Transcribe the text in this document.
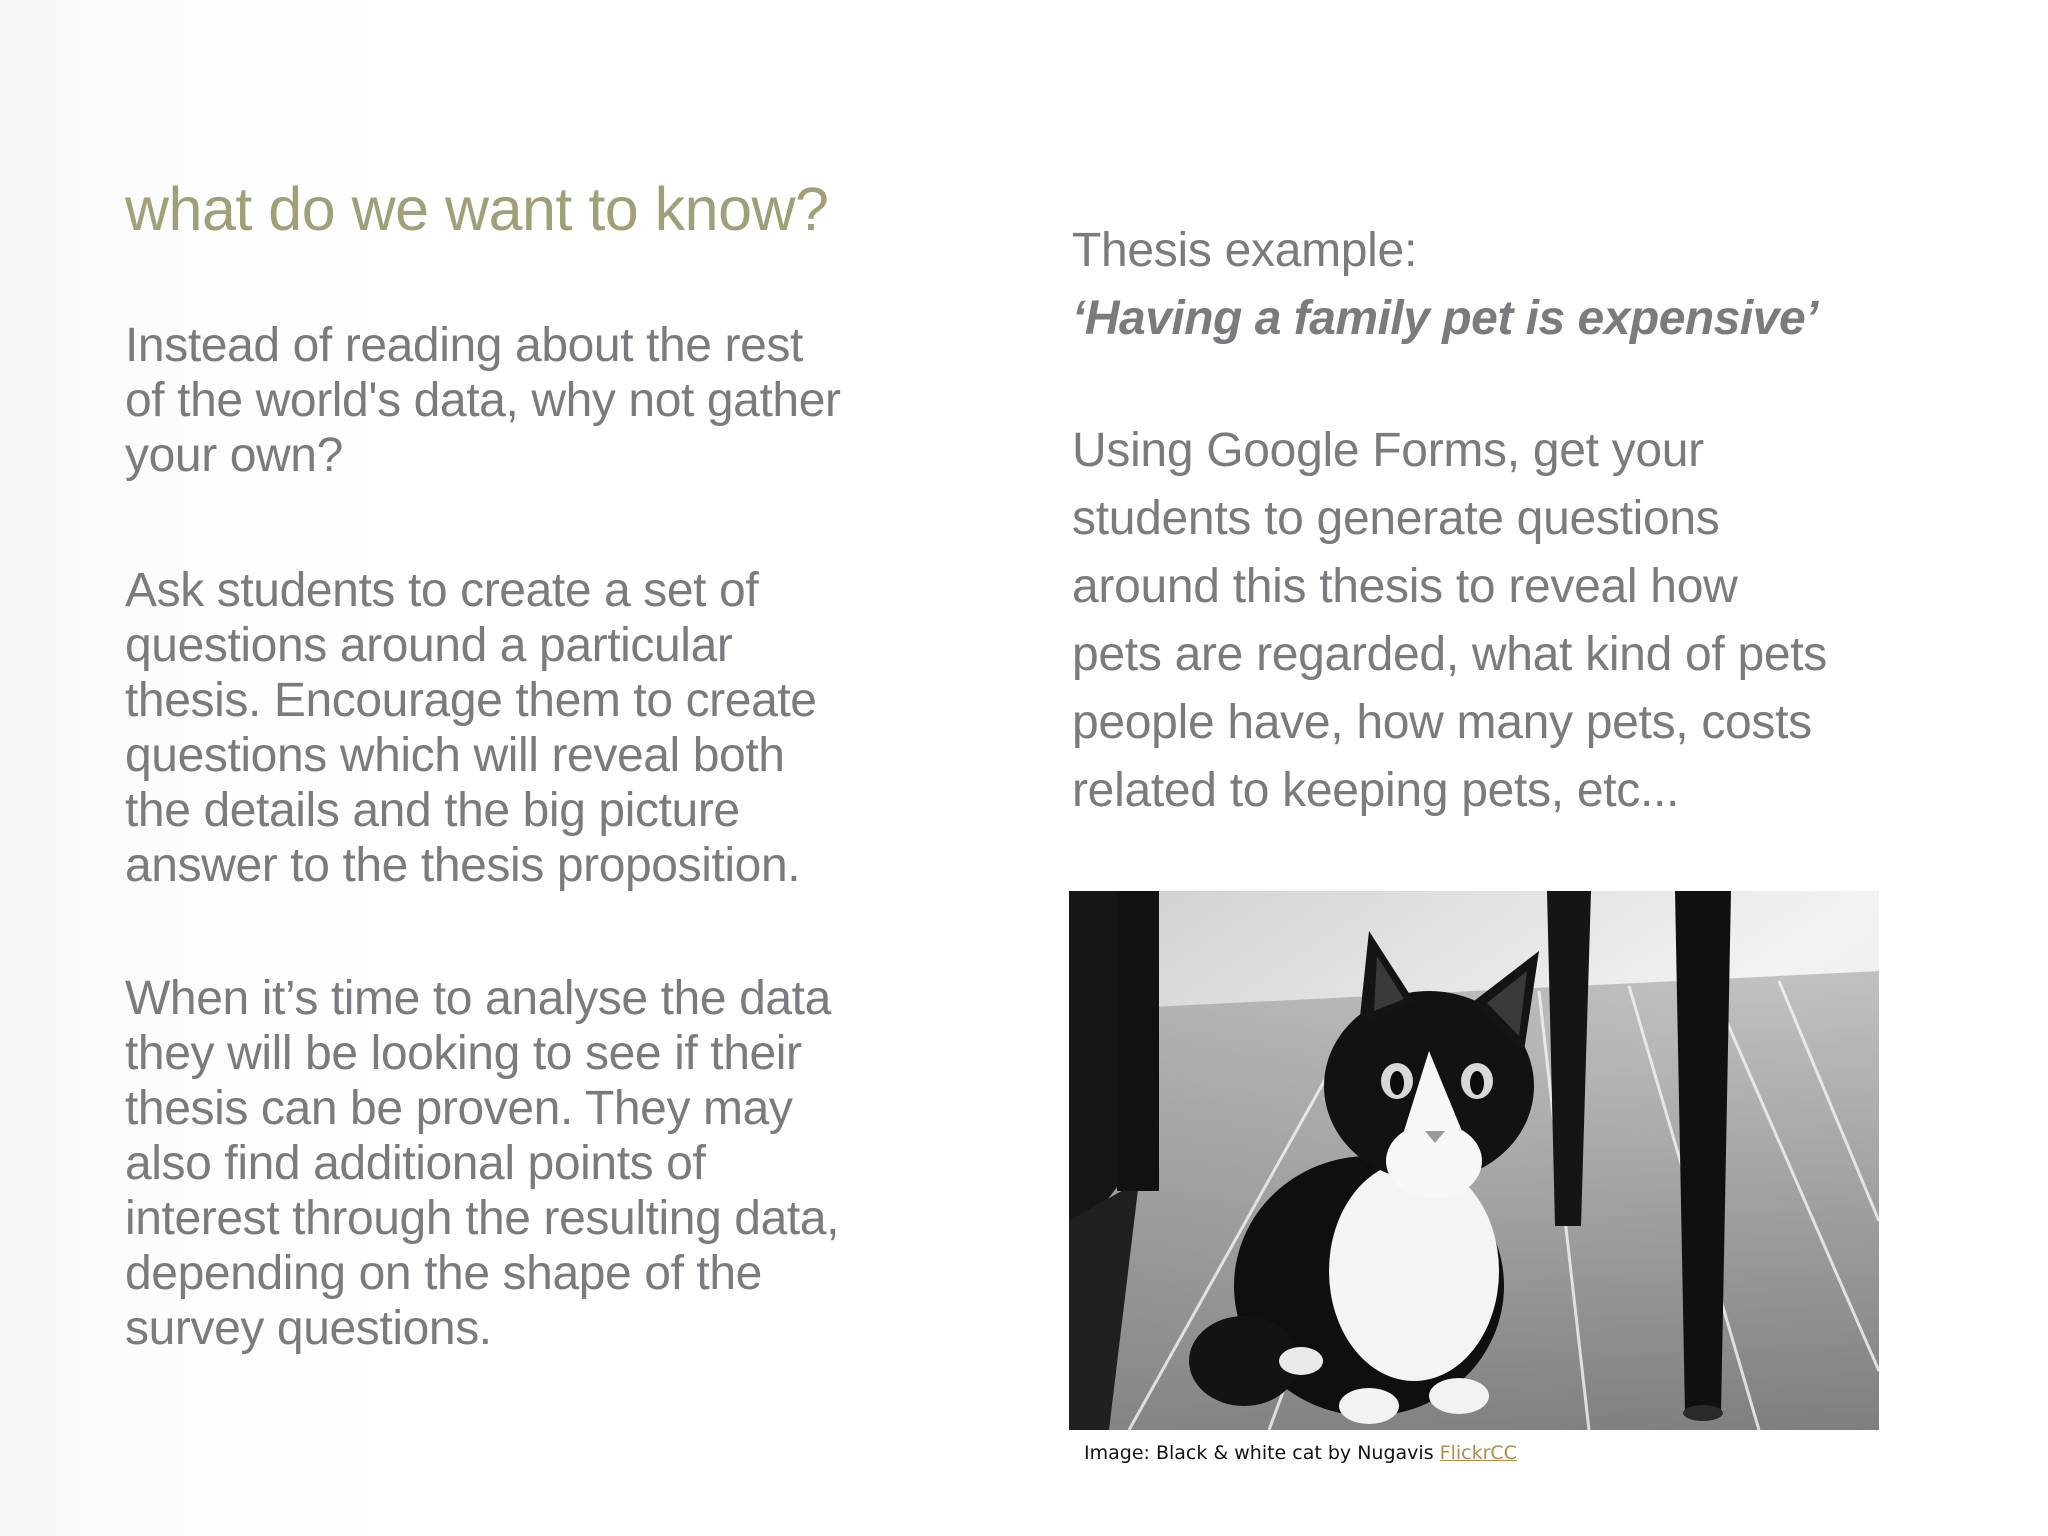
what do we want to know?

Instead of reading about the rest
of the world's data, why not gather
your own?

Ask students to create a set of
questions around a particular
thesis. Encourage them to create
questions which will reveal both
the details and the big picture
answer to the thesis proposition.

When it’s time to analyse the data
they will be looking to see if their
thesis can be proven. They may
also find additional points of
interest through the resulting data,
depending on the shape of the
survey questions.

Thesis example:

‘Having a family pet is expensive’

Using Google Forms, get your
students to generate questions
around this thesis to reveal how
pets are regarded, what kind of pets
people have, how many pets, costs
related to keeping pets, etc...

Image: Black & white cat by Nugavis FlickrCC
